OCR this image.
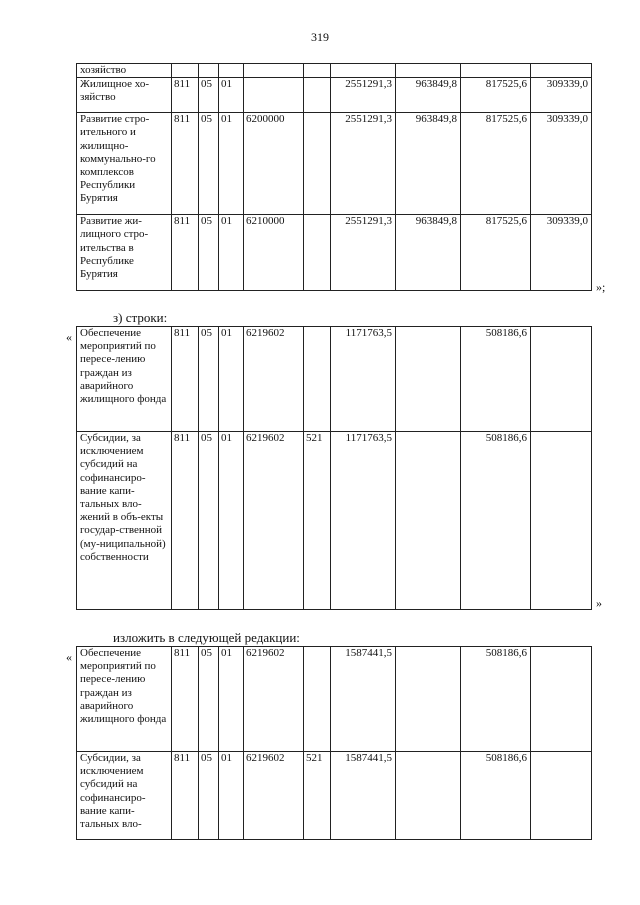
319
хозяйство									
Жилищное хо-зяйство	811	05	01			2551291,3	963849,8	817525,6	309339,0
Развитие стро-ительного и жилищно-коммунально-го комплексов Республики Бурятия	811	05	01	6200000		2551291,3	963849,8	817525,6	309339,0
Развитие жи-лищного стро-ительства в Республике Бурятия	811	05	01	6210000		2551291,3	963849,8	817525,6	309339,0
»;
з) строки:
« Обеспечение мероприятий по пересе-лению граждан из аварийного жилищного фонда	811	05	01	6219602		1171763,5		508186,6	
Субсидии, за исключением субсидий на софинансиро-вание капи-тальных вло-жений в объ-екты государ-ственной (му-ниципальной) собственности	811	05	01	6219602	521	1171763,5		508186,6	
»
изложить в следующей редакции:
« Обеспечение мероприятий по пересе-лению граждан из аварийного жилищного фонда	811	05	01	6219602		1587441,5		508186,6	
Субсидии, за исключением субсидий на софинансиро-вание капи-тальных вло-	811	05	01	6219602	521	1587441,5		508186,6	
